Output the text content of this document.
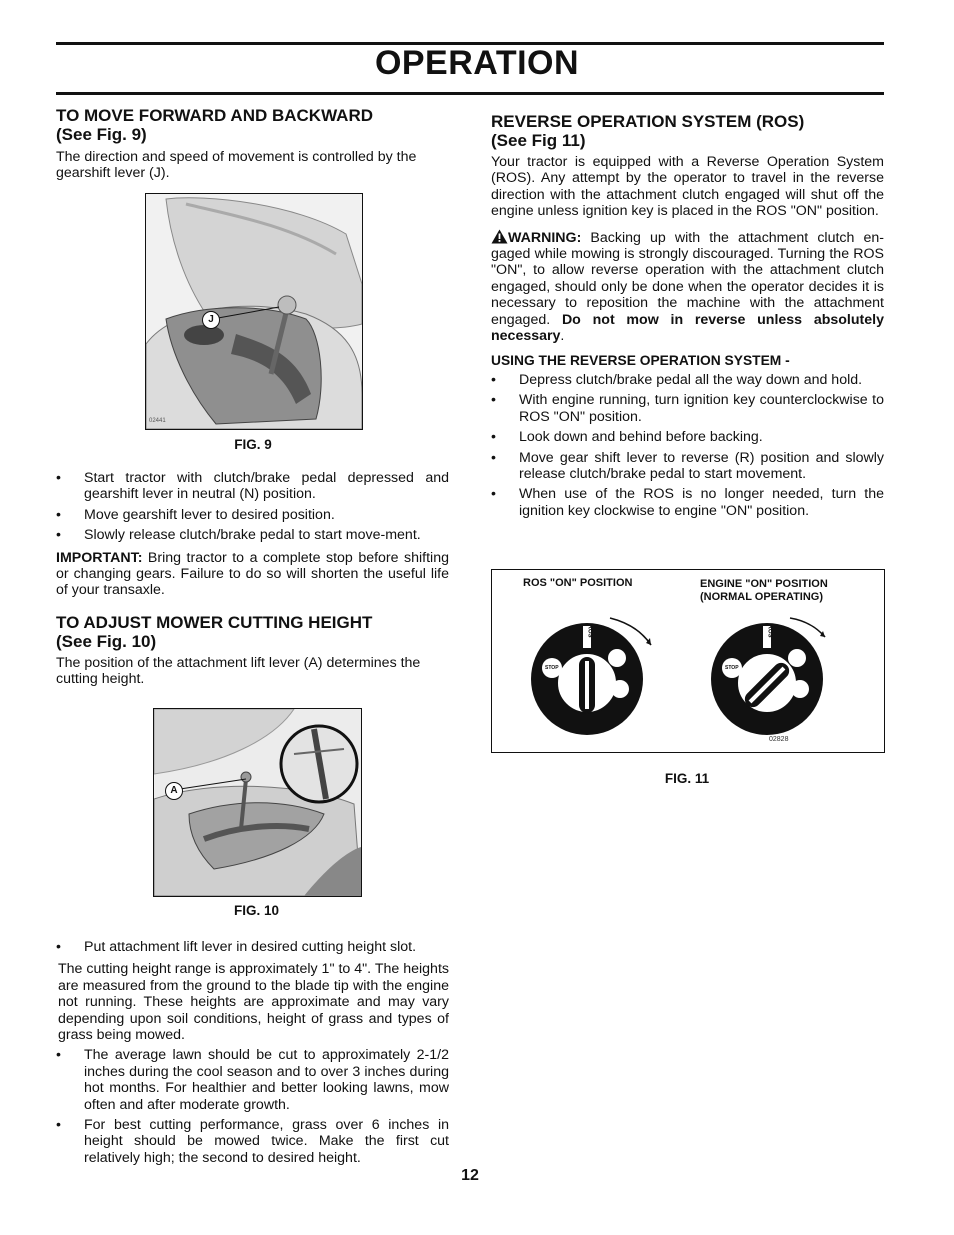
OPERATION

TO MOVE FORWARD AND BACKWARD

(See Fig. 9)

The direction and speed of movement is controlled by the gearshift lever (J).

J
02441
FIG. 9

• Start tractor with clutch/brake pedal depressed and gearshift lever in neutral (N) position.

• Move gearshift lever to desired position.

• Slowly release clutch/brake pedal to start move-ment.

IMPORTANT: Bring tractor to a complete stop before shifting or changing gears. Failure to do so will shorten the useful life of your transaxle.

TO ADJUST MOWER CUTTING HEIGHT

(See Fig. 10)

The position of the attachment lift lever (A) determines the cutting height.

A
FIG. 10

• Put attachment lift lever in desired cutting height slot.

The cutting height range is approximately 1" to 4". The heights are measured from the ground to the blade tip with the engine not running. These heights are approximate and may vary depending upon soil conditions, height of grass and types of grass being mowed.

• The average lawn should be cut to approximately 2-1/2 inches during the cool season and to over 3 inches during hot months. For healthier and better looking lawns, mow often and after moderate growth.

• For best cutting performance, grass over 6 inches in height should be mowed twice. Make the first cut relatively high; the second to desired height.

REVERSE OPERATION SYSTEM (ROS)

(See Fig 11)

Your tractor is equipped with a Reverse Operation System (ROS). Any attempt by the operator to travel in the reverse direction with the attachment clutch engaged will shut off the engine unless ignition key is placed in the ROS "ON" position.

WARNING: Backing up with the attachment clutch en-gaged while mowing is strongly discouraged. Turning the ROS "ON", to allow reverse operation with the attachment clutch engaged, should only be done when the operator decides it is necessary to reposition the machine with the attachment engaged. Do not mow in reverse unless absolutely necessary.

USING THE REVERSE OPERATION SYSTEM -

• Depress clutch/brake pedal all the way down and hold.

• With engine running, turn ignition key counterclockwise to ROS "ON" position.

• Look down and behind before backing.

• Move gear shift lever to reverse (R) position and slowly release clutch/brake pedal to start movement.

• When use of the ROS is no longer needed, turn the ignition key clockwise to engine "ON" position.

ROS "ON" POSITION	ENGINE "ON" POSITION
(NORMAL OPERATING)
STOP
ROS
STOP
ROS
02828
FIG. 11
12
